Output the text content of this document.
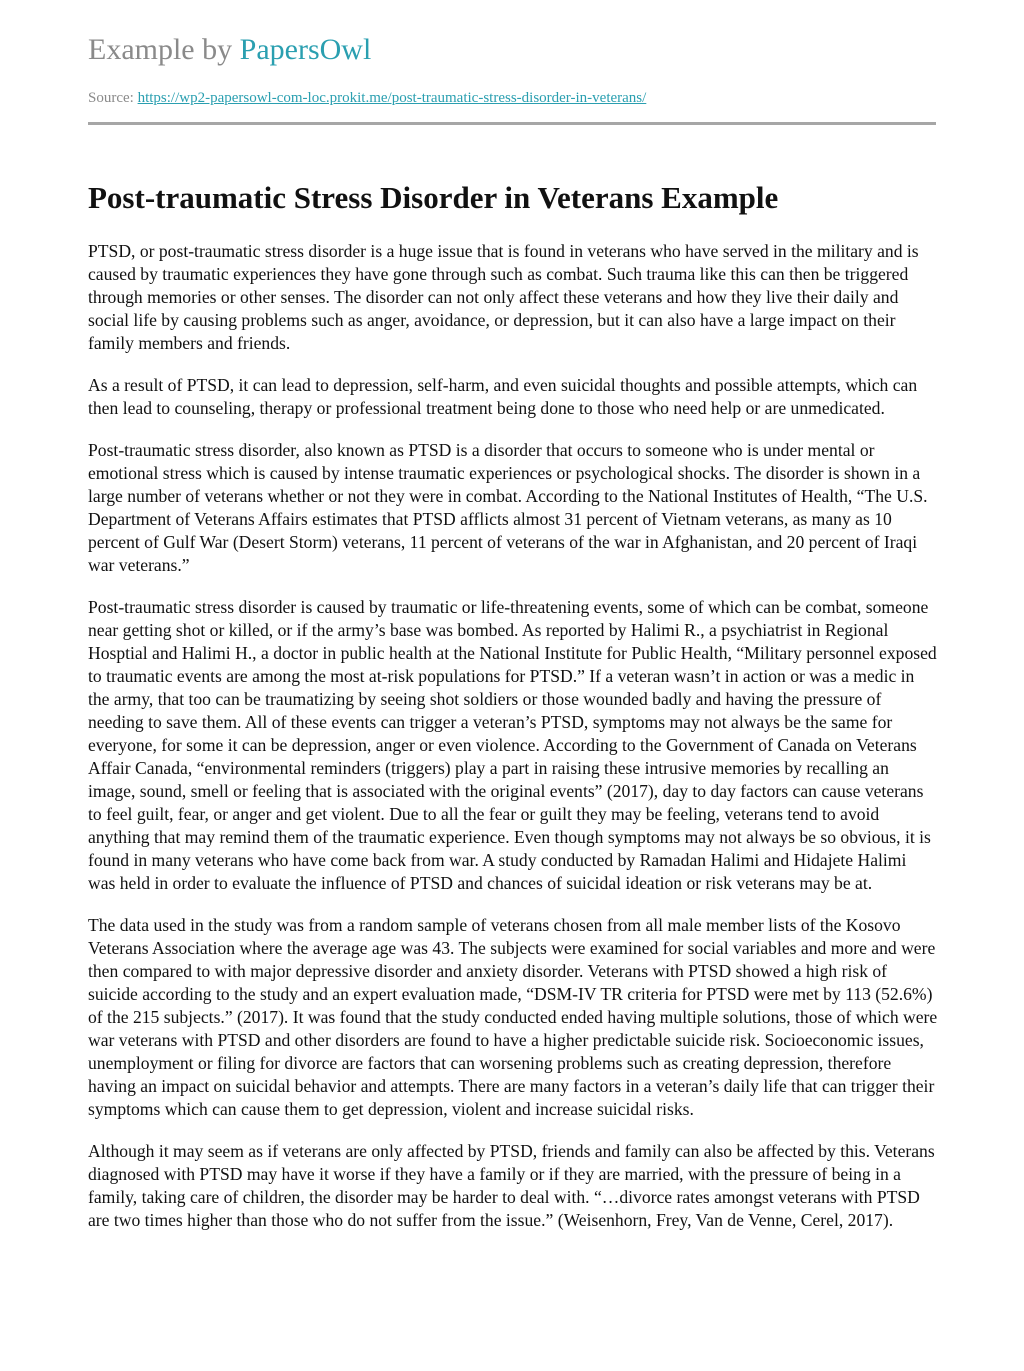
Example by PapersOwl
Source: https://wp2-papersowl-com-loc.prokit.me/post-traumatic-stress-disorder-in-veterans/
Post-traumatic Stress Disorder in Veterans Example

PTSD, or post-traumatic stress disorder is a huge issue that is found in veterans who have served in the military and is caused by traumatic experiences they have gone through such as combat. Such trauma like this can then be triggered through memories or other senses. The disorder can not only affect these veterans and how they live their daily and social life by causing problems such as anger, avoidance, or depression, but it can also have a large impact on their family members and friends.

As a result of PTSD, it can lead to depression, self-harm, and even suicidal thoughts and possible attempts, which can then lead to counseling, therapy or professional treatment being done to those who need help or are unmedicated.

Post-traumatic stress disorder, also known as PTSD is a disorder that occurs to someone who is under mental or emotional stress which is caused by intense traumatic experiences or psychological shocks. The disorder is shown in a large number of veterans whether or not they were in combat. According to the National Institutes of Health, “The U.S. Department of Veterans Affairs estimates that PTSD afflicts almost 31 percent of Vietnam veterans, as many as 10 percent of Gulf War (Desert Storm) veterans, 11 percent of veterans of the war in Afghanistan, and 20 percent of Iraqi war veterans.”

Post-traumatic stress disorder is caused by traumatic or life-threatening events, some of which can be combat, someone near getting shot or killed, or if the army’s base was bombed. As reported by Halimi R., a psychiatrist in Regional Hosptial and Halimi H., a doctor in public health at the National Institute for Public Health, “Military personnel exposed to traumatic events are among the most at-risk populations for PTSD.” If a veteran wasn’t in action or was a medic in the army, that too can be traumatizing by seeing shot soldiers or those wounded badly and having the pressure of needing to save them. All of these events can trigger a veteran’s PTSD, symptoms may not always be the same for everyone, for some it can be depression, anger or even violence. According to the Government of Canada on Veterans Affair Canada, “environmental reminders (triggers) play a part in raising these intrusive memories by recalling an image, sound, smell or feeling that is associated with the original events” (2017), day to day factors can cause veterans to feel guilt, fear, or anger and get violent. Due to all the fear or guilt they may be feeling, veterans tend to avoid anything that may remind them of the traumatic experience. Even though symptoms may not always be so obvious, it is found in many veterans who have come back from war. A study conducted by Ramadan Halimi and Hidajete Halimi was held in order to evaluate the influence of PTSD and chances of suicidal ideation or risk veterans may be at.

The data used in the study was from a random sample of veterans chosen from all male member lists of the Kosovo Veterans Association where the average age was 43. The subjects were examined for social variables and more and were then compared to with major depressive disorder and anxiety disorder. Veterans with PTSD showed a high risk of suicide according to the study and an expert evaluation made, “DSM-IV TR criteria for PTSD were met by 113 (52.6%) of the 215 subjects.” (2017). It was found that the study conducted ended having multiple solutions, those of which were war veterans with PTSD and other disorders are found to have a higher predictable suicide risk. Socioeconomic issues, unemployment or filing for divorce are factors that can worsening problems such as creating depression, therefore having an impact on suicidal behavior and attempts. There are many factors in a veteran’s daily life that can trigger their symptoms which can cause them to get depression, violent and increase suicidal risks.

Although it may seem as if veterans are only affected by PTSD, friends and family can also be affected by this. Veterans diagnosed with PTSD may have it worse if they have a family or if they are married, with the pressure of being in a family, taking care of children, the disorder may be harder to deal with. “…divorce rates amongst veterans with PTSD are two times higher than those who do not suffer from the issue.” (Weisenhorn, Frey, Van de Venne, Cerel, 2017).
